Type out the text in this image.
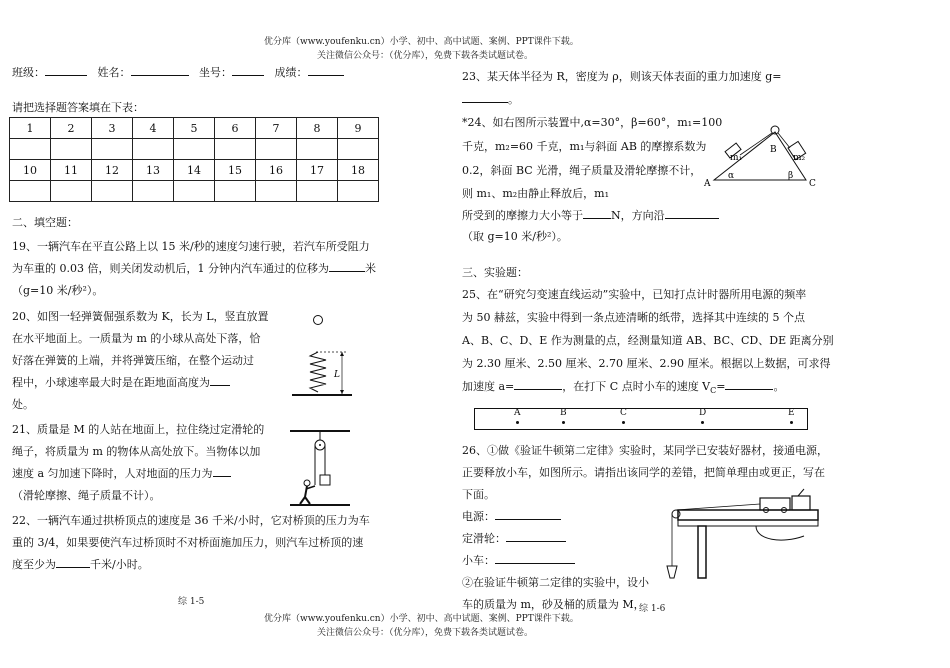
优分库（www.youfenku.cn）小学、初中、高中试题、案例、PPT课件下载。
关注微信公众号：（优分库），免费下载各类试题试卷。
班级：	姓名：	坐号：	成绩：
请把选择题答案填在下表：
1	2	3	4	5	6	7	8	9

10	11	12	13	14	15	16	17	18

二、填空题：
19、一辆汽车在平直公路上以 15 米/秒的速度匀速行驶，若汽车所受阻力
为车重的 0.03 倍，则关闭发动机后，1 分钟内汽车通过的位移为	米
（g=10 米/秒²）。
20、如图一轻弹簧倔强系数为 K，长为 L，竖直放置
在水平地面上。一质量为 m 的小球从高处下落，恰
好落在弹簧的上端，并将弹簧压缩，在整个运动过
程中，小球速率最大时是在距地面高度为
处。
L
21、质量是 M 的人站在地面上，拉住绕过定滑轮的
绳子，将质量为 m 的物体从高处放下。当物体以加
速度 a 匀加速下降时，人对地面的压力为
（滑轮摩擦、绳子质量不计）。
22、一辆汽车通过拱桥顶点的速度是 36 千米/小时，它对桥顶的压力为车
重的 3/4，如果要使汽车过桥顶时不对桥面施加压力，则汽车过桥顶的速
度至少为	千米/小时。
综 1-5
23、某天体半径为 R，密度为 ρ，则该天体表面的重力加速度 g=
。
*24、如右图所示装置中,α=30°，β=60°，m₁=100
千克，m₂=60 千克，m₁与斜面 AB 的摩擦系数为
0.2，斜面 BC 光滑，绳子质量及滑轮摩擦不计，
则 m₁、m₂由静止释放后，m₁
所受到的摩擦力大小等于	N，方向沿
（取 g=10 米/秒²）。
m₁	m₂
B
A	C
α	β
三、实验题：
25、在“研究匀变速直线运动”实验中，已知打点计时器所用电源的频率
为 50 赫兹，实验中得到一条点迹清晰的纸带，选择其中连续的 5 个点
A、B、C、D、E 作为测量的点，经测量知道 AB、BC、CD、DE 距离分别
为 2.30 厘米、2.50 厘米、2.70 厘米、2.90 厘米。根据以上数据，可求得
加速度 a=	，在打下 C 点时小车的速度 $V_C=$	。
A	B	C	D	E
26、①做《验证牛顿第二定律》实验时，某同学已安装好器材，接通电源，
正要释放小车，如图所示。请指出该同学的差错，把简单理由或更正，写在
下面。
电源：
定滑轮：
小车：
②在验证牛顿第二定律的实验中，设小
车的质量为 m，砂及桶的质量为 M，
综 1-6
优分库（www.youfenku.cn）小学、初中、高中试题、案例、PPT课件下载。
关注微信公众号：（优分库），免费下载各类试题试卷。
